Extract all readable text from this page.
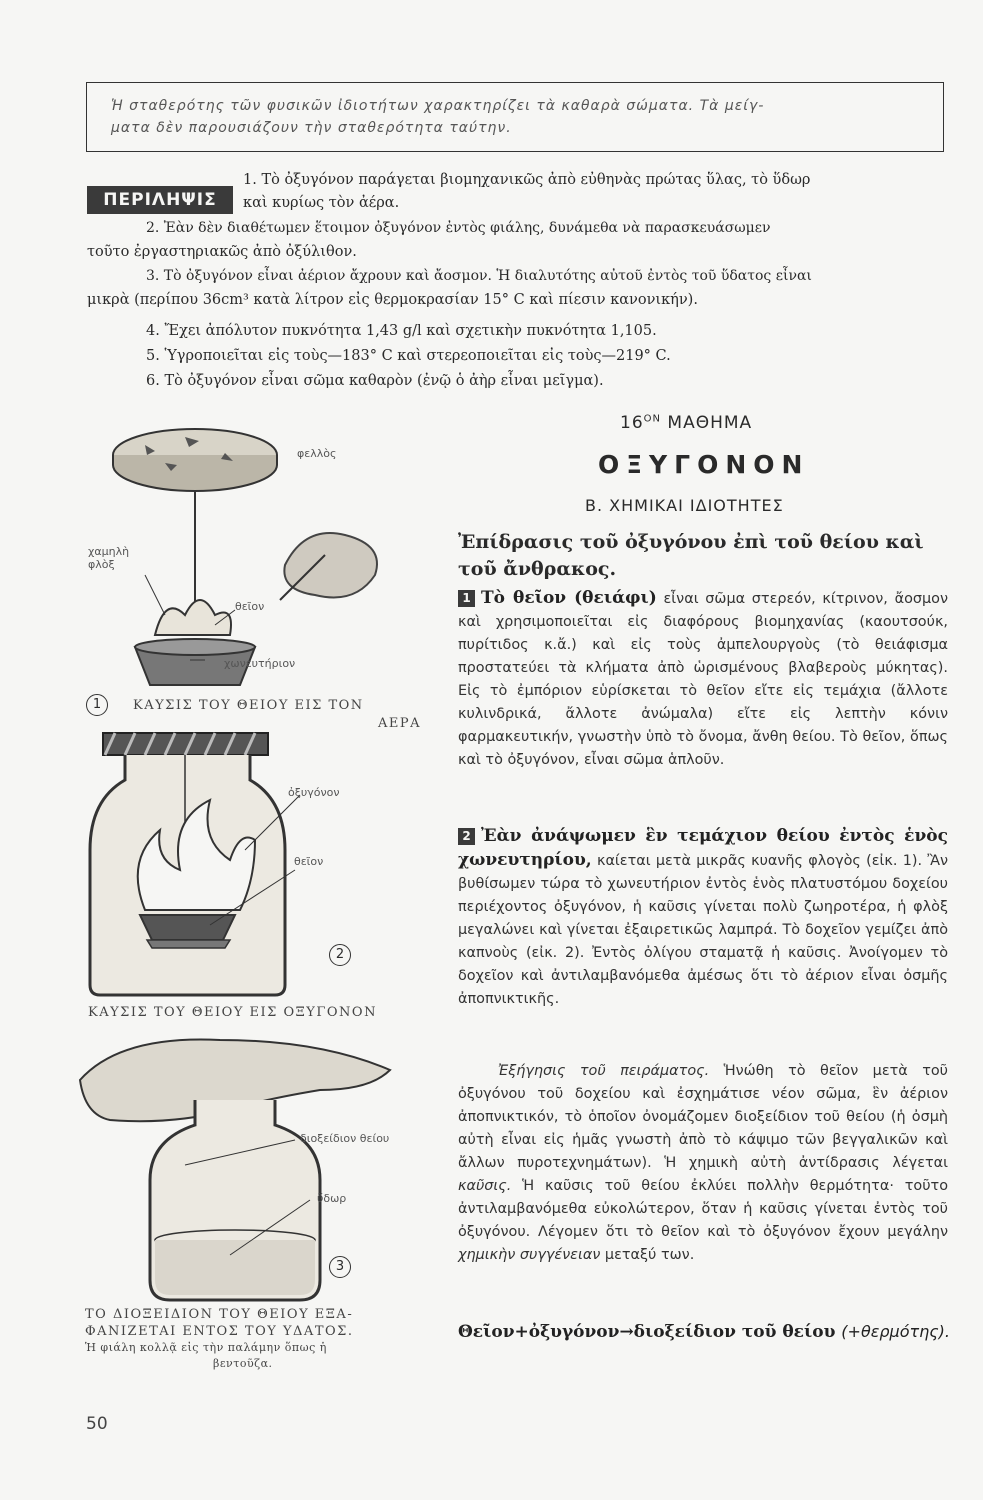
Ἡ σταθερότης τῶν φυσικῶν ἰδιοτήτων χαρακτηρίζει τὰ καθαρὰ σώματα. Τὰ μείγ-
ματα δὲν παρουσιάζουν τὴν σταθερότητα ταύτην.
ΠΕΡΙΛΗΨΙΣ
1. Τὸ ὀξυγόνον παράγεται βιομηχανικῶς ἀπὸ εὐθηνὰς πρώτας ὕλας, τὸ ὕδωρ
καὶ κυρίως τὸν ἀέρα.
2. Ἐὰν δὲν διαθέτωμεν ἕτοιμον ὀξυγόνον ἐντὸς φιάλης, δυνάμεθα νὰ παρασκευάσωμεν
τοῦτο ἐργαστηριακῶς ἀπὸ ὀξύλιθον.
3. Τὸ ὀξυγόνον εἶναι ἀέριον ἄχρουν καὶ ἄοσμον. Ἡ διαλυτότης αὐτοῦ ἐντὸς τοῦ ὕδατος εἶναι
μικρὰ (περίπου 36cm³ κατὰ λίτρον εἰς θερμοκρασίαν 15° C καὶ πίεσιν κανονικήν).
4. Ἔχει ἀπόλυτον πυκνότητα 1,43 g/l καὶ σχετικὴν πυκνότητα 1,105.
5. Ὑγροποιεῖται εἰς τοὺς—183° C καὶ στερεοποιεῖται εἰς τοὺς—219° C.
6. Τὸ ὀξυγόνον εἶναι σῶμα καθαρὸν (ἐνῷ ὁ ἀὴρ εἶναι μεῖγμα).
$16^{ON}$ ΜΑΘΗΜΑ
ΟΞΥΓΟΝΟΝ
Β. ΧΗΜΙΚΑΙ ΙΔΙΟΤΗΤΕΣ
Ἐπίδρασις τοῦ ὀξυγόνου ἐπὶ τοῦ θείου καὶ τοῦ ἄνθρακος.
1 Τὸ θεῖον (θειάφι) εἶναι σῶμα στερεόν, κίτρινον, ἄοσμον καὶ χρησιμοποιεῖται εἰς διαφόρους βιομηχανίας (καουτσούκ, πυρίτιδος κ.ἄ.) καὶ εἰς τοὺς ἀμπελουργοὺς (τὸ θειάφισμα προστατεύει τὰ κλήματα ἀπὸ ὡρισμένους βλαβεροὺς μύκητας). Εἰς τὸ ἐμπόριον εὑρίσκεται τὸ θεῖον εἴτε εἰς τεμάχια (ἄλλοτε κυλινδρικά, ἄλλοτε ἀνώμαλα) εἴτε εἰς λεπτὴν κόνιν φαρμακευτικήν, γνωστὴν ὑπὸ τὸ ὄνομα, ἄνθη θείου. Τὸ θεῖον, ὅπως καὶ τὸ ὀξυγόνον, εἶναι σῶμα ἁπλοῦν.
2 Ἐὰν ἀνάψωμεν ἓν τεμάχιον θείου ἐντὸς ἑνὸς χωνευτηρίου, καίεται μετὰ μικρᾶς κυανῆς φλογὸς (εἰκ. 1). Ἂν βυθίσωμεν τώρα τὸ χωνευτήριον ἐντὸς ἑνὸς πλατυστόμου δοχείου περιέχοντος ὀξυγόνον, ἡ καῦσις γίνεται πολὺ ζωηροτέρα, ἡ φλὸξ μεγαλώνει καὶ γίνεται ἐξαιρετικῶς λαμπρά. Τὸ δοχεῖον γεμίζει ἀπὸ καπνοὺς (εἰκ. 2). Ἐντὸς ὀλίγου σταματᾷ ἡ καῦσις. Ἀνοίγομεν τὸ δοχεῖον καὶ ἀντιλαμβανόμεθα ἀμέσως ὅτι τὸ ἀέριον εἶναι ὀσμῆς ἀποπνικτικῆς.
Ἐξήγησις τοῦ πειράματος. Ἡνώθη τὸ θεῖον μετὰ τοῦ ὀξυγόνου τοῦ δοχείου καὶ ἐσχημάτισε νέον σῶμα, ἓν ἀέριον ἀποπνικτικόν, τὸ ὁποῖον ὀνομάζομεν διοξείδιον τοῦ θείου (ἡ ὀσμὴ αὐτὴ εἶναι εἰς ἡμᾶς γνωστὴ ἀπὸ τὸ κάψιμο τῶν βεγγαλικῶν καὶ ἄλλων πυροτεχνημάτων). Ἡ χημικὴ αὐτὴ ἀντίδρασις λέγεται καῦσις. Ἡ καῦσις τοῦ θείου ἐκλύει πολλὴν θερμότητα· τοῦτο ἀντιλαμβανόμεθα εὐκολώτερον, ὅταν ἡ καῦσις γίνεται ἐντὸς τοῦ ὀξυγόνου. Λέγομεν ὅτι τὸ θεῖον καὶ τὸ ὀξυγόνον ἔχουν μεγάλην χημικὴν συγγένειαν μεταξύ των.
Θεῖον+ὀξυγόνον→διοξείδιον τοῦ θείου (+θερμότης).
φελλὸς
χαμηλὴ φλὸξ
θεῖον
χωνευτήριον
1	ΚΑΥΣΙΣ ΤΟΥ ΘΕΙΟΥ ΕΙΣ ΤΟΝ
ΑΕΡΑ
ὀξυγόνον
θεῖον
2
ΚΑΥΣΙΣ ΤΟΥ ΘΕΙΟΥ ΕΙΣ ΟΞΥΓΟΝΟΝ
διοξείδιον θείου
ὕδωρ
3
ΤΟ ΔΙΟΞΕΙΔΙΟΝ ΤΟΥ ΘΕΙΟΥ ΕΞΑ-
ΦΑΝΙΖΕΤΑΙ ΕΝΤΟΣ ΤΟΥ ΥΔΑΤΟΣ.
Ἡ φιάλη κολλᾷ εἰς τὴν παλάμην ὅπως ἡ
βεντοῦζα.
50
